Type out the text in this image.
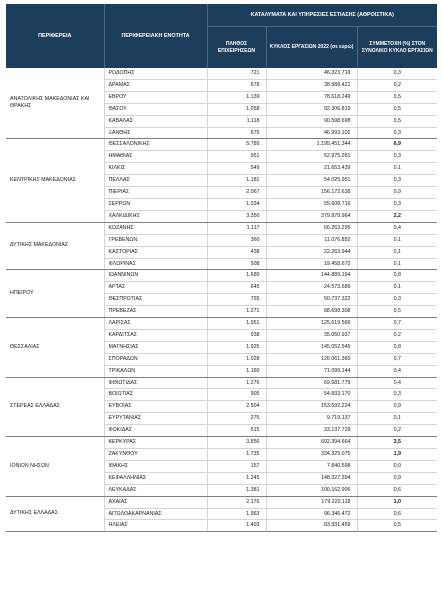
ΠΕΡΙΦΕΡΕΙΑ	ΠΕΡΙΦΕΡΕΙΑΚΗ ΕΝΟΤΗΤΑ	ΚΑΤΑΛΥΜΑΤΑ ΚΑΙ ΥΠΗΡΕΣΙΕΣ ΕΣΤΙΑΣΗΣ (ΑΘΡΟΙΣΤΙΚΑ)		
		ΠΛΗΘΟΣ ΕΠΙΧΕΙΡΗΣΕΩΝ	ΚΥΚΛΟΣ ΕΡΓΑΣΙΩΝ 2022 (σε ευρώ)	ΣΥΜΜΕΤΟΧΗ (%) ΣΤΟΝ ΣΥΝΟΛΙΚΟ ΚΥΚΛΟ ΕΡΓΑΣΙΩΝ
ΑΝΑΤΟΛΙΚΗΣ ΜΑΚΕΔΟΝΙΑΣ ΚΑΙ ΘΡΑΚΗΣ	ΡΟΔΟΠΗΣ	721	46.323.719	0,3
	ΔΡΑΜΑΣ	678	38.988.421	0,2
	ΕΒΡΟΥ	1.139	78.618.249	0,5
	ΘΑΣΟΥ	1.058	92.306.819	0,5
	ΚΑΒΑΛΑΣ	1.118	90.598.698	0,5
	ΞΑΝΘΗΣ	675	46.993.102	0,3
ΚΕΝΤΡΙΚΗΣ ΜΑΚΕΔΟΝΙΑΣ	ΘΕΣΣΑΛΟΝΙΚΗΣ	5.789	1.195.451.344	6,9
	ΗΜΑΘΙΑΣ	951	52.975.281	0,3
	ΚΙΛΚΙΣ	549	21.653.439	0,1
	ΠΕΛΛΑΣ	1.181	54.025.951	0,3
	ΠΙΕΡΙΑΣ	2.067	156.172.638	0,9
	ΣΕΡΡΩΝ	1.334	55.608.716	0,3
	ΧΑΛΚΙΔΙΚΗΣ	3.350	379.878.964	2,2
ΔΥΤΙΚΗΣ ΜΑΚΕΔΟΝΙΑΣ	ΚΟΖΑΝΗΣ	1.117	66.263.295	0,4
	ΓΡΕΒΕΝΩΝ	360	11.076.852	0,1
	ΚΑΣΤΟΡΙΑΣ	438	22.263.944	0,1
	ΦΛΩΡΙΝΑΣ	508	19.458.672	0,1
ΗΠΕΙΡΟΥ	ΙΩΑΝΝΙΝΩΝ	1.680	144.889.194	0,8
	ΑΡΤΑΣ	645	24.573.689	0,1
	ΘΕΣΠΡΩΤΙΑΣ	765	50.737.322	0,3
	ΠΡΕΒΕΖΑΣ	1.271	88.698.308	0,5
ΘΕΣΣΑΛΙΑΣ	ΛΑΡΙΣΑΣ	1.951	125.619.566	0,7
	ΚΑΡΔΙΤΣΑΣ	938	35.050.937	0,2
	ΜΑΓΝΗΣΙΑΣ	1.925	145.052.545	0,8
	ΣΠΟΡΑΔΩΝ	1.028	126.061.360	0,7
	ΤΡΙΚΑΛΩΝ	1.160	71.099.144	0,4
ΣΤΕΡΕΑΣ ΕΛΛΑΔΑΣ	ΦΘΙΩΤΙΔΑΣ	1.276	69.681.779	0,4
	ΒΟΙΩΤΙΑΣ	905	54.833.170	0,3
	ΕΥΒΟΙΑΣ	2.504	153.592.224	0,9
	ΕΥΡΥΤΑΝΙΑΣ	275	9.719.137	0,1
	ΦΩΚΙΔΑΣ	515	33.137.729	0,2
ΙΟΝΙΩΝ ΝΗΣΩΝ	ΚΕΡΚΥΡΑΣ	3.856	602.394.664	3,5
	ΖΑΚΥΝΘΟΥ	1.735	334.325.075	1,9
	ΙΘΑΚΗΣ	157	7.840.598	0,0
	ΚΕΦΑΛΛΗΝΙΑΣ	1.245	148.327.394	0,9
	ΛΕΥΚΑΔΑΣ	1.381	100.162.906	0,6
ΔΥΤΙΚΗΣ ΕΛΛΑΔΑΣ	ΑΧΑΙΑΣ	2.176	179.220.118	1,0
	ΑΙΤΩΛΟΑΚΑΡΝΑΝΙΑΣ	1.963	96.346.472	0,6
	ΗΛΕΙΑΣ	1.403	83.931.459	0,5
